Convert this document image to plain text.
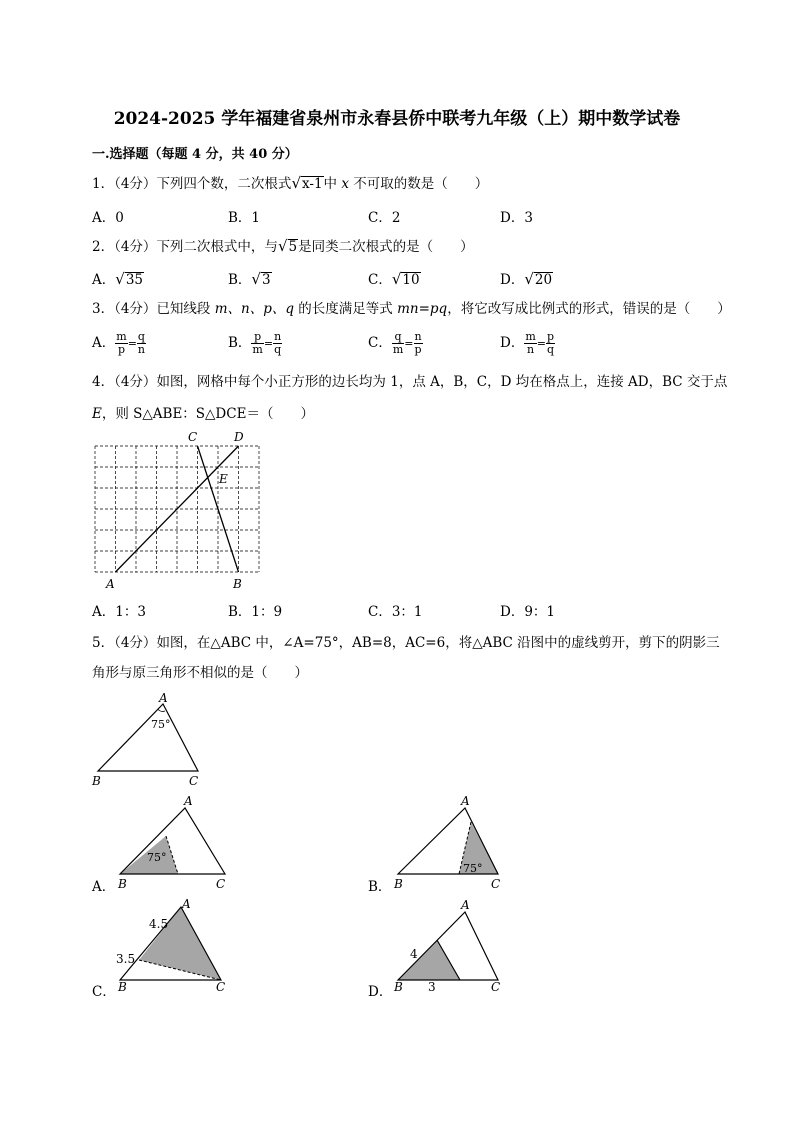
2024-2025 学年福建省泉州市永春县侨中联考九年级（上）期中数学试卷
一.选择题（每题 4 分，共 40 分）
1．（4分）下列四个数，二次根式√x-1中 x 不可取的数是（　　）
A．0	B．1	C．2	D．3
2．（4分）下列二次根式中，与√5是同类二次根式的是（　　）
A．√35	B．√3	C．√10	D．√20
3．（4分）已知线段 m、n、p、q 的长度满足等式 mn=pq，将它改写成比例式的形式，错误的是（　　）
A． $\frac{m}{p} = \frac{q}{n}$	B． $\frac{p}{m} = \frac{n}{q}$	C． $\frac{q}{m} = \frac{n}{p}$	D． $\frac{m}{n} = \frac{p}{q}$
4．（4分）如图，网格中每个小正方形的边长均为 1，点 A，B，C，D 均在格点上，连接 AD，BC 交于点
E，则 S△ABE：S△DCE＝（　　）
A	B
C	D
E
A．1：3	B．1：9	C．3：1	D．9：1
5．（4分）如图，在△ABC 中，∠A=75°，AB=8，AC=6，将△ABC 沿图中的虚线剪开，剪下的阴影三
角形与原三角形不相似的是（　　）
A
B	C
75°
A
B	C
75°
A．
A
B	C
75°
B．
A
B	C
4.5
3.5
C．
A
B	C
4
3
D．
